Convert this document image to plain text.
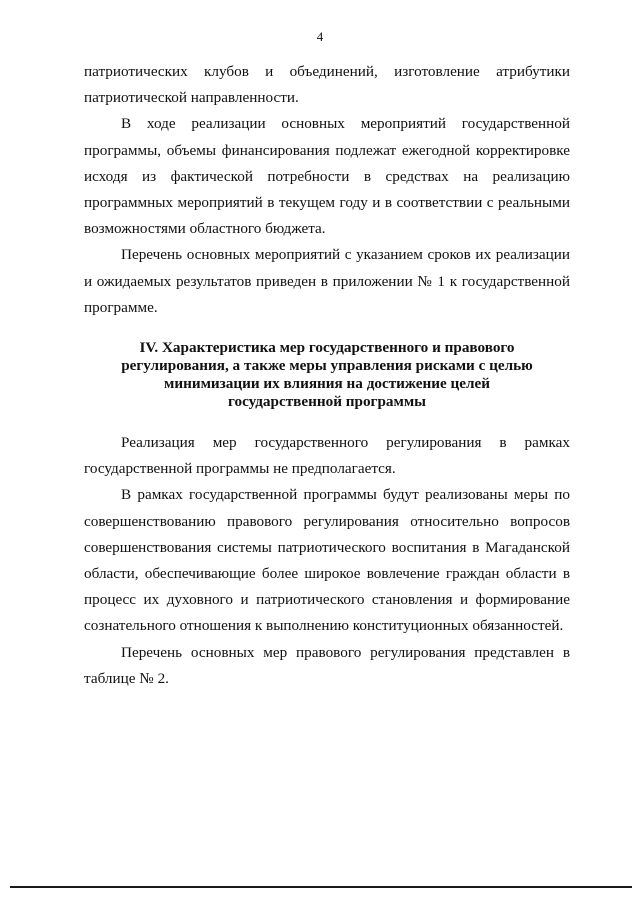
4

патриотических клубов и объединений, изготовление атрибутики патриотической направленности.

В ходе реализации основных мероприятий государственной программы, объемы финансирования подлежат ежегодной корректировке исходя из фактической потребности в средствах на реализацию программных мероприятий в текущем году и в соответствии с реальными возможностями областного бюджета.

Перечень основных мероприятий с указанием сроков их реализации и ожидаемых результатов приведен в приложении № 1 к государственной программе.

IV. Характеристика мер государственного и правового регулирования, а также меры управления рисками с целью минимизации их влияния на достижение целей государственной программы

Реализация мер государственного регулирования в рамках государственной программы не предполагается.

В рамках государственной программы будут реализованы меры по совершенствованию правового регулирования относительно вопросов совершенствования системы патриотического воспитания в Магаданской области, обеспечивающие более широкое вовлечение граждан области в процесс их духовного и патриотического становления и формирование сознательного отношения к выполнению конституционных обязанностей.

Перечень основных мер правового регулирования представлен в таблице № 2.
